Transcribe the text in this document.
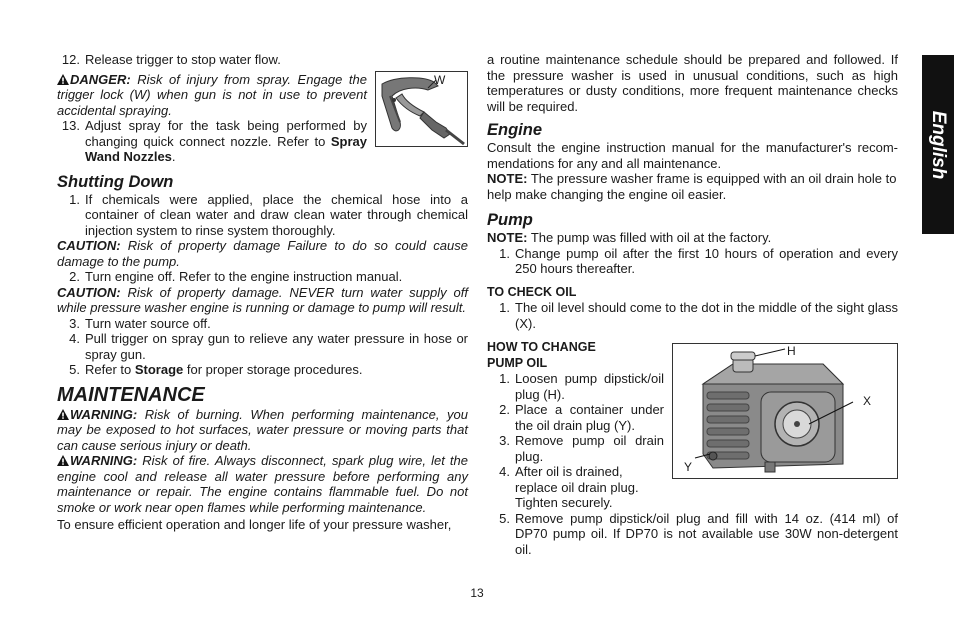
12. Release trigger to stop water flow.
W

DANGER: Risk of injury from spray. Engage the trigger lock (W) when gun is not in use to prevent accidental spraying.

13. Adjust spray for the task being performed by changing quick connect nozzle. Refer to Spray Wand Nozzles.
Shutting Down
1. If chemicals were applied, place the chemical hose into a container of clean water and draw clean water through chemical injection system to rinse system thoroughly.

CAUTION: Risk of property damage Failure to do so could cause damage to the pump.

2. Turn engine off. Refer to the engine instruction manual.

CAUTION: Risk of property damage. NEVER turn water supply off while pressure washer engine is running or damage to pump will result.

3. Turn water source off.
4. Pull trigger on spray gun to relieve any water pressure in hose or spray gun.
5. Refer to Storage for proper storage procedures.
MAINTENANCE

WARNING: Risk of burning. When performing maintenance, you may be exposed to hot surfaces, water pressure or moving parts that can cause serious injury or death.

WARNING: Risk of fire. Always disconnect, spark plug wire, let the engine cool and release all water pressure before performing any maintenance or repair. The engine contains flammable fuel. Do not smoke or work near open flames while performing maintenance.

To ensure efficient operation and longer life of your pressure washer,

a routine maintenance schedule should be prepared and followed. If the pressure washer is used in unusual conditions, such as high temperatures or dusty conditions, more frequent maintenance checks will be required.

Engine

Consult the engine instruction manual for the manufacturer's recom-mendations for any and all maintenance.

NOTE: The pressure washer frame is equipped with an oil drain hole to help make changing the engine oil easier.

Pump

NOTE: The pump was filled with oil at the factory.

1. Change pump oil after the first 10 hours of operation and every 250 hours thereafter.
TO CHECK OIL
1. The oil level should come to the dot in the middle of the sight glass (X).
H
X
Y
HOW TO CHANGE
PUMP OIL
1. Loosen pump dipstick/oil plug (H).
2. Place a container under the oil drain plug (Y).
3. Remove pump oil drain plug.
4. After oil is drained, replace oil drain plug. Tighten securely.
5. Remove pump dipstick/oil plug and fill with 14 oz. (414 ml) of DP70 pump oil. If DP70 is not available use 30W non-detergent oil.
English
13
